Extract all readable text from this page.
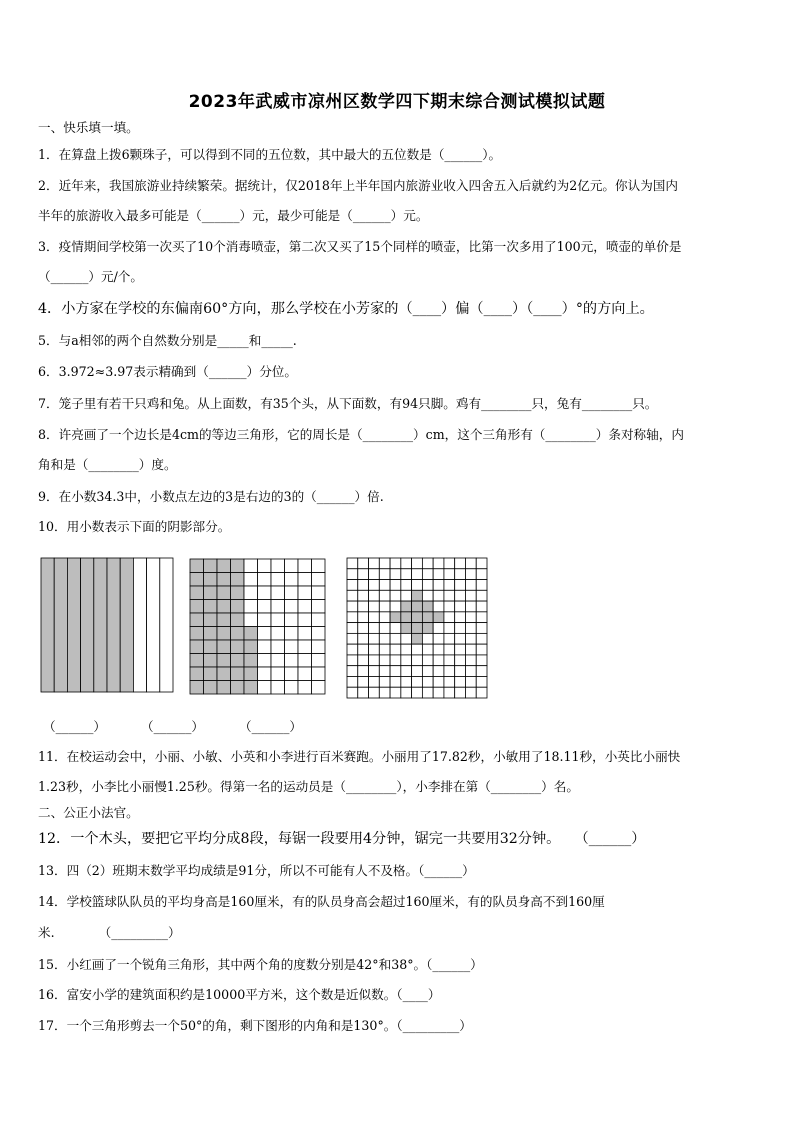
2023年武威市凉州区数学四下期末综合测试模拟试题
一、快乐填一填。
1．在算盘上拨6颗珠子，可以得到不同的五位数，其中最大的五位数是（______）。
2．近年来，我国旅游业持续繁荣。据统计，仅2018年上半年国内旅游业收入四舍五入后就约为2亿元。你认为国内
半年的旅游收入最多可能是（______）元，最少可能是（______）元。
3．疫情期间学校第一次买了10个消毒喷壶，第二次又买了15个同样的喷壶，比第一次多用了100元，喷壶的单价是
（______）元/个。
4．小方家在学校的东偏南60°方向，那么学校在小芳家的（____）偏（____）（____）°的方向上。
5．与a相邻的两个自然数分别是_____和_____.
6．3.972≈3.97表示精确到（______）分位。
7．笼子里有若干只鸡和兔。从上面数，有35个头，从下面数，有94只脚。鸡有________只，兔有________只。
8．许亮画了一个边长是4cm的等边三角形，它的周长是（________）cm，这个三角形有（________）条对称轴，内
角和是（________）度。
9．在小数34.3中，小数点左边的3是右边的3的（______）倍.
10．用小数表示下面的阴影部分。
（______）	（______）	（______）
11．在校运动会中，小丽、小敏、小英和小李进行百米赛跑。小丽用了17.82秒，小敏用了18.11秒，小英比小丽快
1.23秒，小李比小丽慢1.25秒。得第一名的运动员是（________），小李排在第（________）名。
二、公正小法官。
12．一个木头，要把它平均分成8段，每锯一段要用4分钟，锯完一共要用32分钟。　　（______）
13．四（2）班期末数学平均成绩是91分，所以不可能有人不及格。（______）
14．学校篮球队队员的平均身高是160厘米，有的队员身高会超过160厘米，有的队员身高不到160厘
米.　　　　（_________）
15．小红画了一个锐角三角形，其中两个角的度数分别是42°和38°。（______）
16．富安小学的建筑面积约是10000平方米，这个数是近似数。（____）
17．一个三角形剪去一个50°的角，剩下图形的内角和是130°。（_________）
